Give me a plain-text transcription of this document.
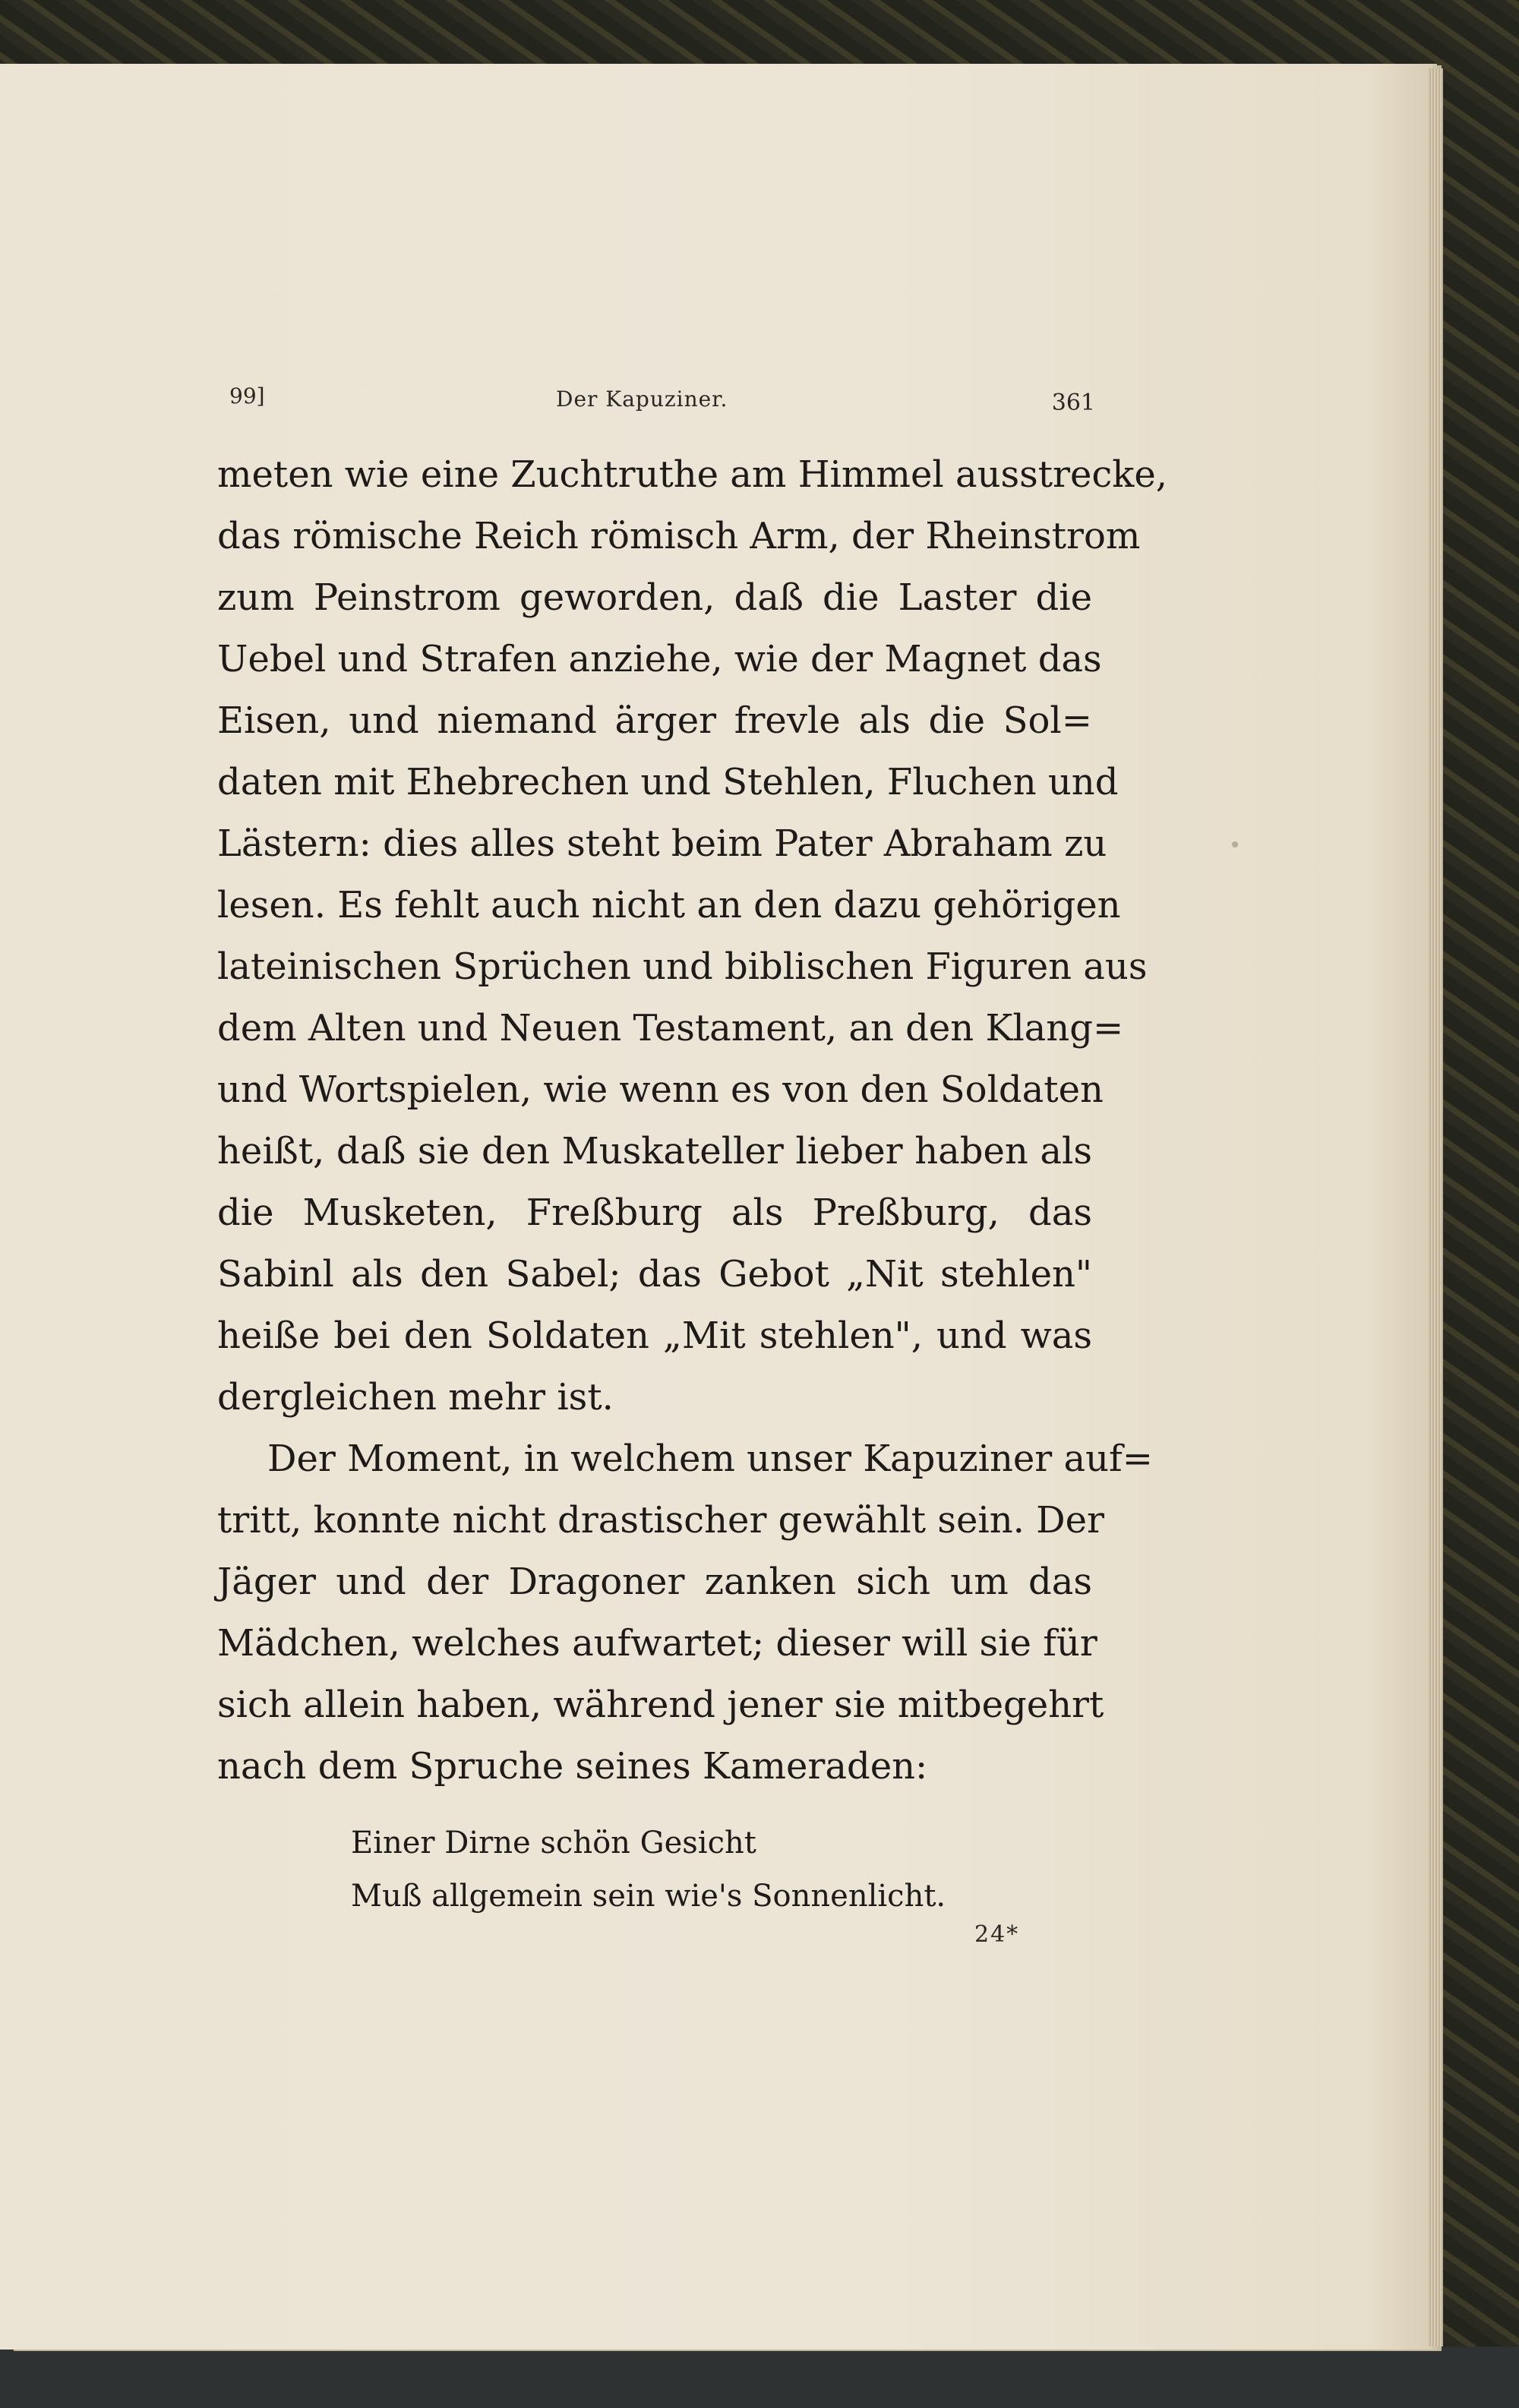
99]	Der Kapuziner.	361
meten wie eine Zuchtruthe am Himmel ausstrecke,
das römische Reich römisch Arm, der Rheinstrom
zum Peinstrom geworden, daß die Laster die
Uebel und Strafen anziehe, wie der Magnet das
Eisen, und niemand ärger frevle als die Sol=
daten mit Ehebrechen und Stehlen, Fluchen und
Lästern: dies alles steht beim Pater Abraham zu
lesen. Es fehlt auch nicht an den dazu gehörigen
lateinischen Sprüchen und biblischen Figuren aus
dem Alten und Neuen Testament, an den Klang=
und Wortspielen, wie wenn es von den Soldaten
heißt, daß sie den Muskateller lieber haben als
die Musketen, Freßburg als Preßburg, das
Sabinl als den Sabel; das Gebot „Nit stehlen"
heiße bei den Soldaten „Mit stehlen", und was
dergleichen mehr ist.
Der Moment, in welchem unser Kapuziner auf=
tritt, konnte nicht drastischer gewählt sein. Der
Jäger und der Dragoner zanken sich um das
Mädchen, welches aufwartet; dieser will sie für
sich allein haben, während jener sie mitbegehrt
nach dem Spruche seines Kameraden:
Einer Dirne schön Gesicht
Muß allgemein sein wie's Sonnenlicht.
24*
